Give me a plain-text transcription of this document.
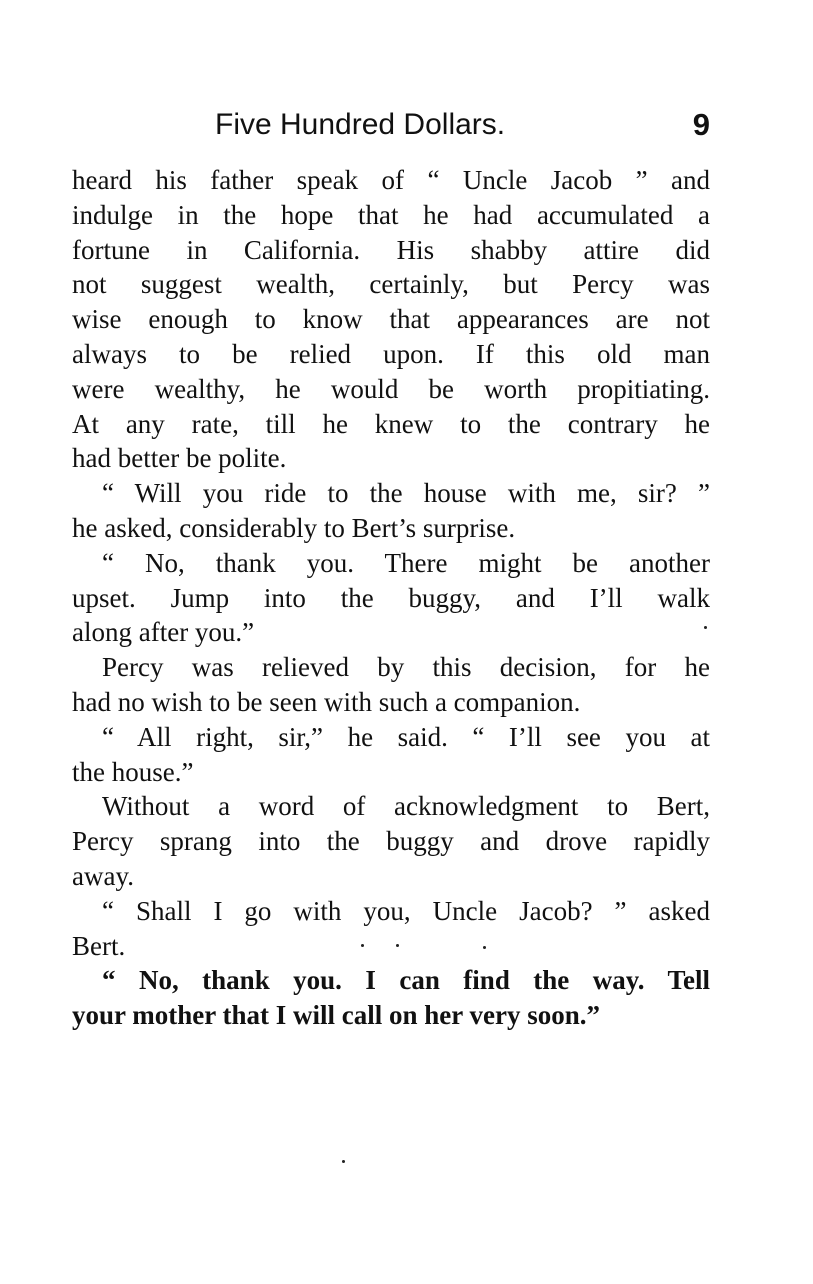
Five Hundred Dollars.	9
heard his father speak of “ Uncle Jacob ” and
indulge in the hope that he had accumulated a
fortune in California. His shabby attire did
not suggest wealth, certainly, but Percy was
wise enough to know that appearances are not
always to be relied upon. If this old man
were wealthy, he would be worth propitiating.
At any rate, till he knew to the contrary he
had better be polite.
“ Will you ride to the house with me, sir? ”
he asked, considerably to Bert’s surprise.
“ No, thank you. There might be another
upset. Jump into the buggy, and I’ll walk
along after you.”
Percy was relieved by this decision, for he
had no wish to be seen with such a companion.
“ All right, sir,” he said. “ I’ll see you at
the house.”
Without a word of acknowledgment to Bert,
Percy sprang into the buggy and drove rapidly
away.
“ Shall I go with you, Uncle Jacob? ” asked
Bert.
“ No, thank you. I can find the way. Tell
your mother that I will call on her very soon.”
